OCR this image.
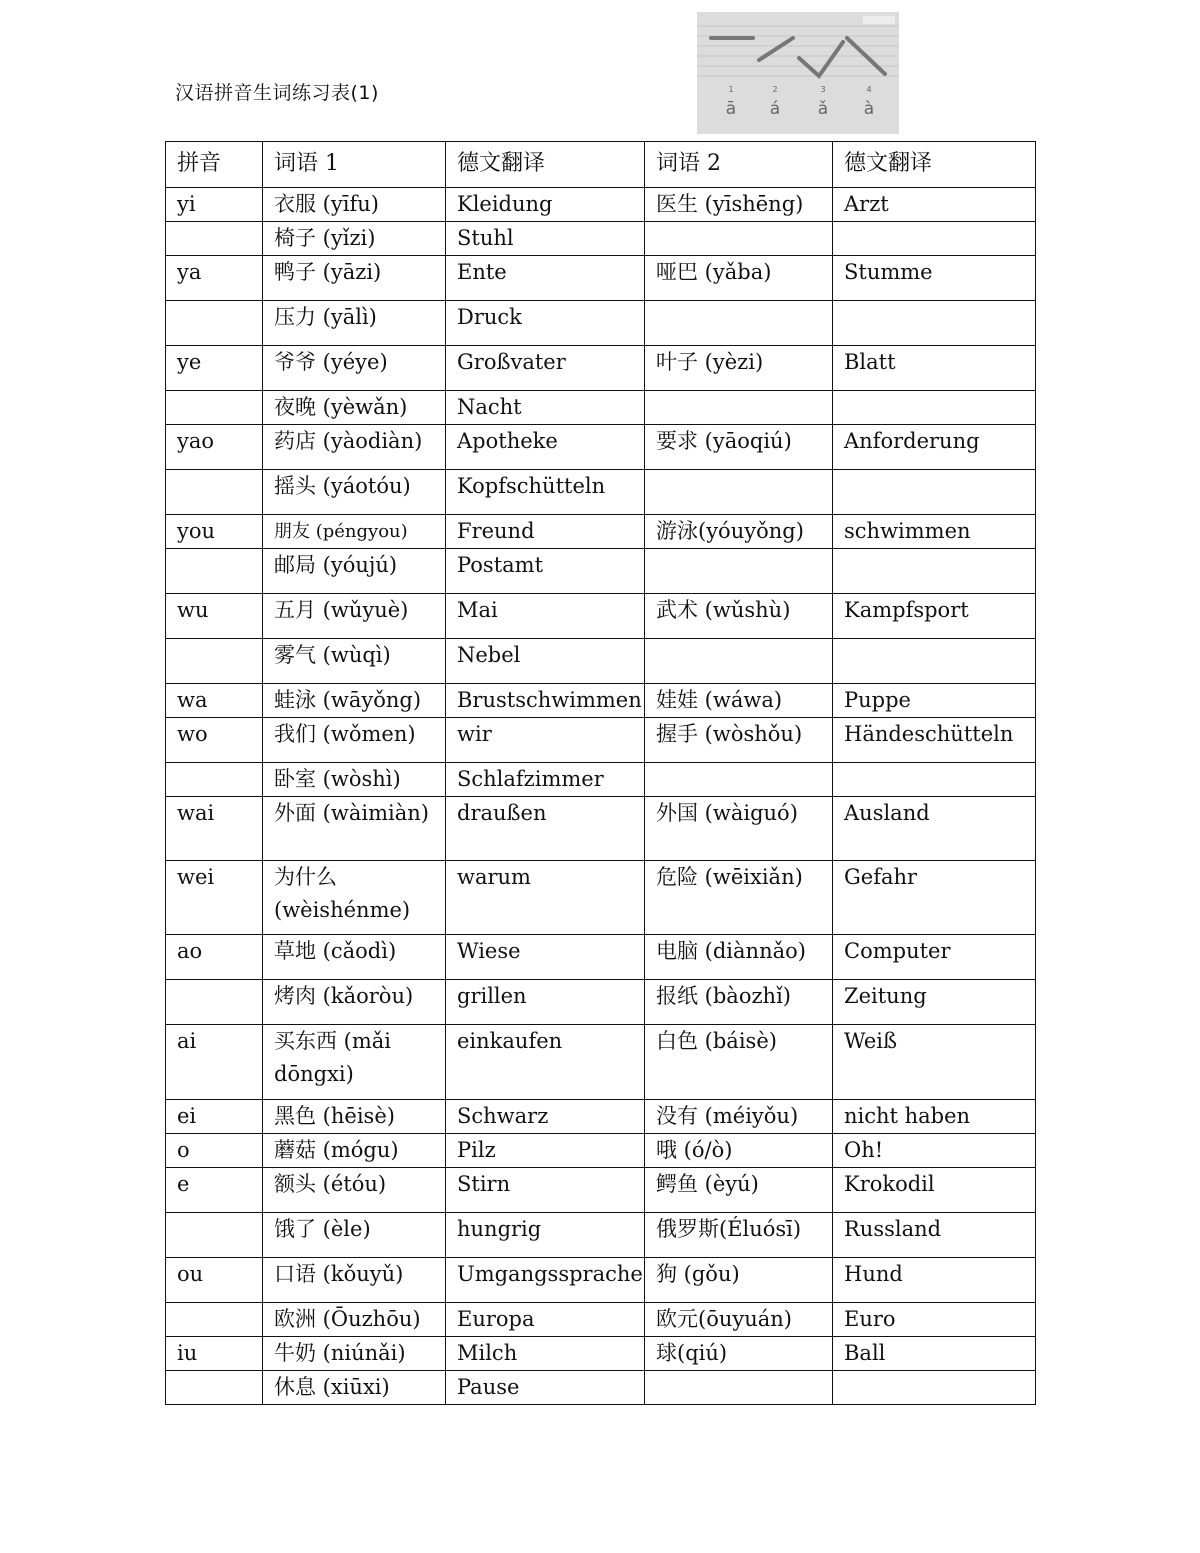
汉语拼音生词练习表(1)	1	2	3	4
ā á ǎ à
拼音	词语 1	德文翻译	词语 2	德文翻译
yi	衣服 (yīfu)	Kleidung	医生 (yīshēng)	Arzt
	椅子 (yǐzi)	Stuhl		
ya	鸭子 (yāzi)	Ente	哑巴 (yǎba)	Stumme
	压力 (yālì)	Druck		
ye	爷爷 (yéye)	Großvater	叶子 (yèzi)	Blatt
	夜晚 (yèwǎn)	Nacht		
yao	药店 (yàodiàn)	Apotheke	要求 (yāoqiú)	Anforderung
	摇头 (yáotóu)	Kopfschütteln		
you	朋友 (péngyou)	Freund	游泳(yóuyǒng)	schwimmen
	邮局 (yóujú)	Postamt		
wu	五月 (wǔyuè)	Mai	武术 (wǔshù)	Kampfsport
	雾气 (wùqì)	Nebel		
wa	蛙泳 (wāyǒng)	Brustschwimmen	娃娃 (wáwa)	Puppe
wo	我们 (wǒmen)	wir	握手 (wòshǒu)	Händeschütteln
	卧室 (wòshì)	Schlafzimmer		
wai	外面 (wàimiàn)	draußen	外国 (wàiguó)	Ausland
wei	为什么 (wèishénme)	warum	危险 (wēixiǎn)	Gefahr
ao	草地 (cǎodì)	Wiese	电脑 (diànnǎo)	Computer
	烤肉 (kǎoròu)	grillen	报纸 (bàozhǐ)	Zeitung
ai	买东西 (mǎi dōngxi)	einkaufen	白色 (báisè)	Weiß
ei	黑色 (hēisè)	Schwarz	没有 (méiyǒu)	nicht haben
o	蘑菇 (mógu)	Pilz	哦 (ó/ò)	Oh!
e	额头 (étóu)	Stirn	鳄鱼 (èyú)	Krokodil
	饿了 (èle)	hungrig	俄罗斯(Éluósī)	Russland
ou	口语 (kǒuyǔ)	Umgangssprache	狗 (gǒu)	Hund
	欧洲 (Ōuzhōu)	Europa	欧元(ōuyuán)	Euro
iu	牛奶 (niúnǎi)	Milch	球(qiú)	Ball
	休息 (xiūxi)	Pause		
